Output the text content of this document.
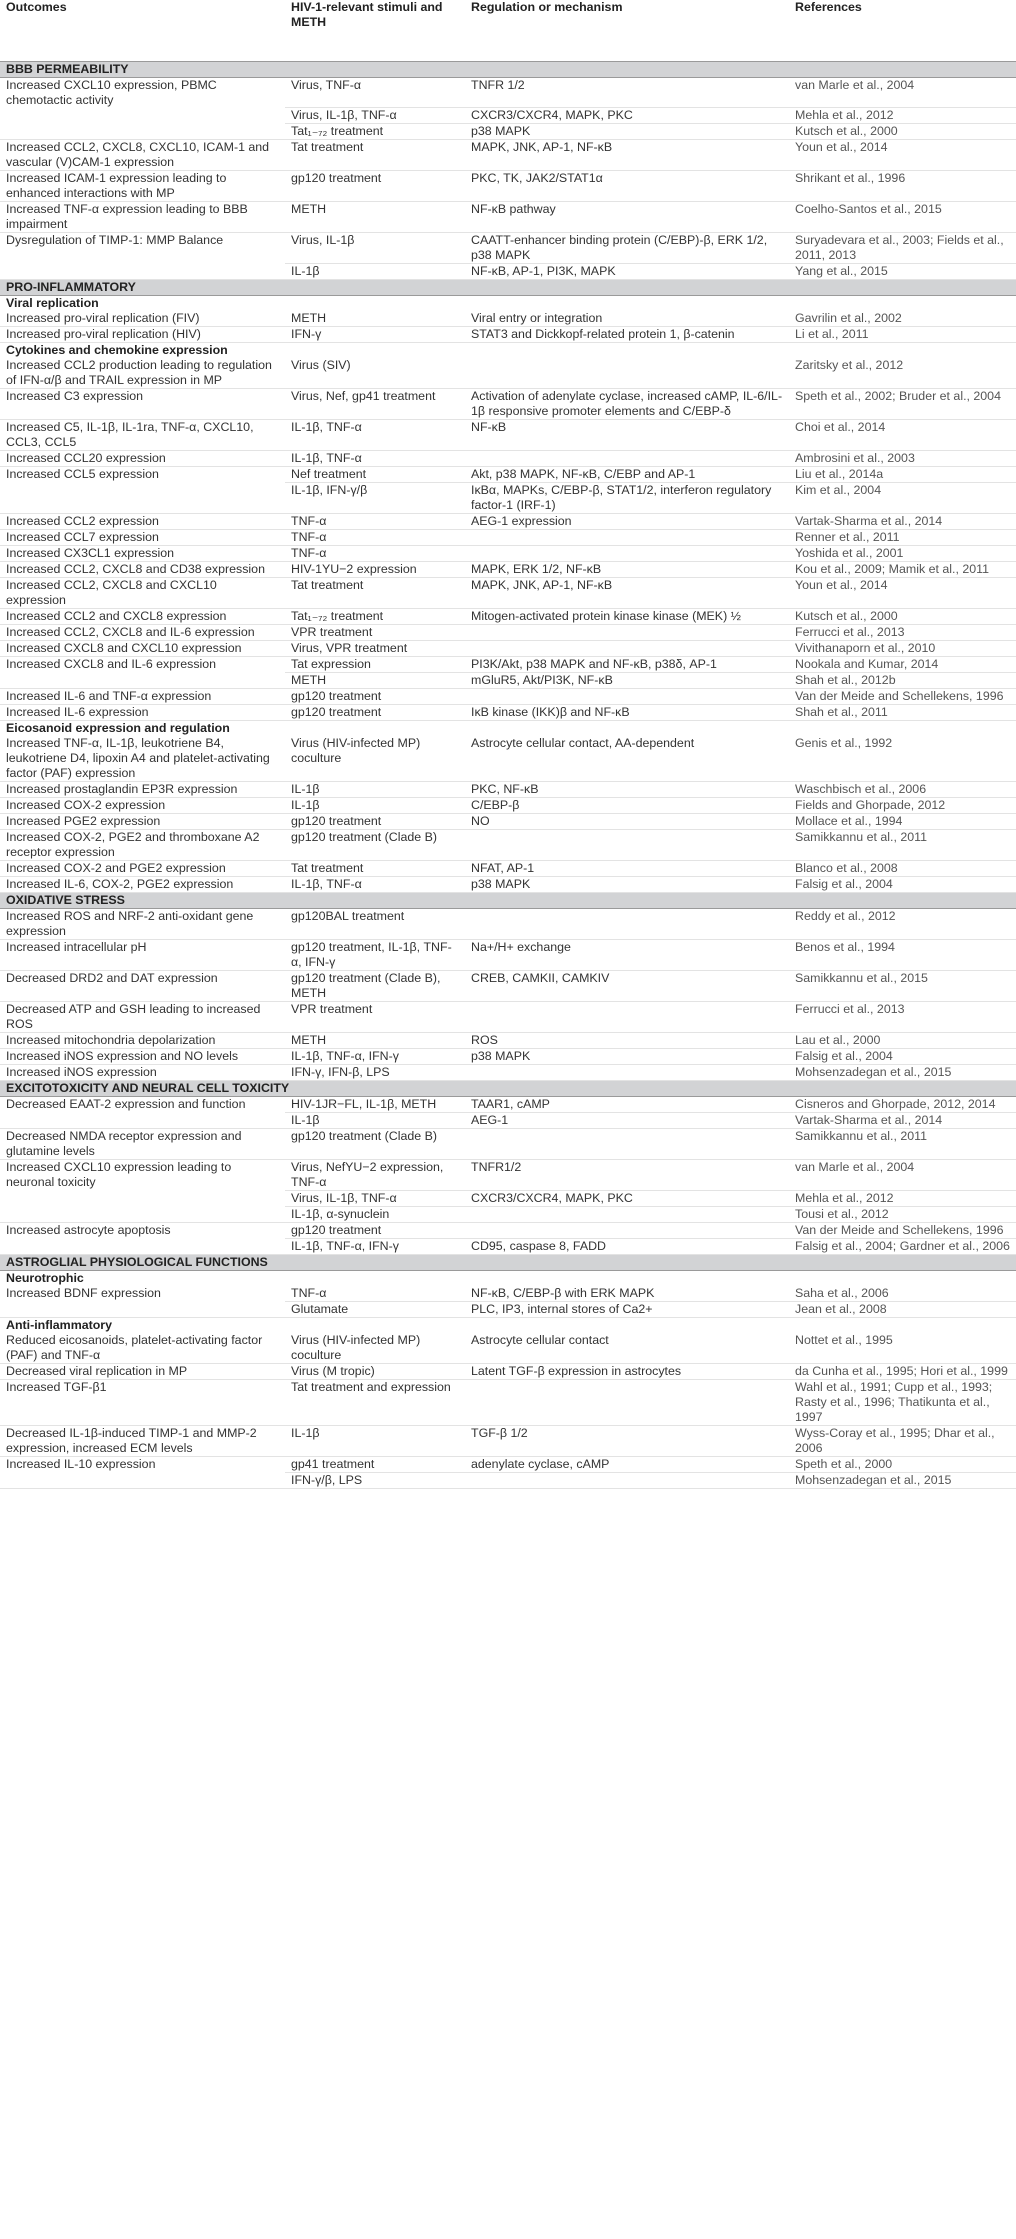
Outcomes	HIV-1-relevant stimuli and METH	Regulation or mechanism	References
BBB PERMEABILITY			
Increased CXCL10 expression, PBMC chemotactic activity	Virus, TNF-α	TNFR 1/2	van Marle et al., 2004
	Virus, IL-1β, TNF-α	CXCR3/CXCR4, MAPK, PKC	Mehla et al., 2012
	Tat₁₋₇₂ treatment	p38 MAPK	Kutsch et al., 2000
Increased CCL2, CXCL8, CXCL10, ICAM-1 and vascular (V)CAM-1 expression	Tat treatment	MAPK, JNK, AP-1, NF-κB	Youn et al., 2014
Increased ICAM-1 expression leading to enhanced interactions with MP	gp120 treatment	PKC, TK, JAK2/STAT1α	Shrikant et al., 1996
Increased TNF-α expression leading to BBB impairment	METH	NF-κB pathway	Coelho-Santos et al., 2015
Dysregulation of TIMP-1: MMP Balance	Virus, IL-1β	CAATT-enhancer binding protein (C/EBP)-β, ERK 1/2, p38 MAPK	Suryadevara et al., 2003; Fields et al., 2011, 2013
	IL-1β	NF-κB, AP-1, PI3K, MAPK	Yang et al., 2015
PRO-INFLAMMATORY			
Viral replication			
Increased pro-viral replication (FIV)	METH	Viral entry or integration	Gavrilin et al., 2002
Increased pro-viral replication (HIV)	IFN-γ	STAT3 and Dickkopf-related protein 1, β-catenin	Li et al., 2011
Cytokines and chemokine expression			
Increased CCL2 production leading to regulation of IFN-α/β and TRAIL expression in MP	Virus (SIV)		Zaritsky et al., 2012
Increased C3 expression	Virus, Nef, gp41 treatment	Activation of adenylate cyclase, increased cAMP, IL-6/IL-1β responsive promoter elements and C/EBP-δ	Speth et al., 2002; Bruder et al., 2004
Increased C5, IL-1β, IL-1ra, TNF-α, CXCL10, CCL3, CCL5	IL-1β, TNF-α	NF-κB	Choi et al., 2014
Increased CCL20 expression	IL-1β, TNF-α		Ambrosini et al., 2003
Increased CCL5 expression	Nef treatment	Akt, p38 MAPK, NF-κB, C/EBP and AP-1	Liu et al., 2014a
	IL-1β, IFN-γ/β	IκBα, MAPKs, C/EBP-β, STAT1/2, interferon regulatory factor-1 (IRF-1)	Kim et al., 2004
Increased CCL2 expression	TNF-α	AEG-1 expression	Vartak-Sharma et al., 2014
Increased CCL7 expression	TNF-α		Renner et al., 2011
Increased CX3CL1 expression	TNF-α		Yoshida et al., 2001
Increased CCL2, CXCL8 and CD38 expression	HIV-1YU−2 expression	MAPK, ERK 1/2, NF-κB	Kou et al., 2009; Mamik et al., 2011
Increased CCL2, CXCL8 and CXCL10 expression	Tat treatment	MAPK, JNK, AP-1, NF-κB	Youn et al., 2014
Increased CCL2 and CXCL8 expression	Tat₁₋₇₂ treatment	Mitogen-activated protein kinase kinase (MEK) ½	Kutsch et al., 2000
Increased CCL2, CXCL8 and IL-6 expression	VPR treatment		Ferrucci et al., 2013
Increased CXCL8 and CXCL10 expression	Virus, VPR treatment		Vivithanaporn et al., 2010
Increased CXCL8 and IL-6 expression	Tat expression	PI3K/Akt, p38 MAPK and NF-κB, p38δ, AP-1	Nookala and Kumar, 2014
	METH	mGluR5, Akt/PI3K, NF-κB	Shah et al., 2012b
Increased IL-6 and TNF-α expression	gp120 treatment		Van der Meide and Schellekens, 1996
Increased IL-6 expression	gp120 treatment	IκB kinase (IKK)β and NF-κB	Shah et al., 2011
Eicosanoid expression and regulation			
Increased TNF-α, IL-1β, leukotriene B4, leukotriene D4, lipoxin A4 and platelet-activating factor (PAF) expression	Virus (HIV-infected MP) coculture	Astrocyte cellular contact, AA-dependent	Genis et al., 1992
Increased prostaglandin EP3R expression	IL-1β	PKC, NF-κB	Waschbisch et al., 2006
Increased COX-2 expression	IL-1β	C/EBP-β	Fields and Ghorpade, 2012
Increased PGE2 expression	gp120 treatment	NO	Mollace et al., 1994
Increased COX-2, PGE2 and thromboxane A2 receptor expression	gp120 treatment (Clade B)		Samikkannu et al., 2011
Increased COX-2 and PGE2 expression	Tat treatment	NFAT, AP-1	Blanco et al., 2008
Increased IL-6, COX-2, PGE2 expression	IL-1β, TNF-α	p38 MAPK	Falsig et al., 2004
OXIDATIVE STRESS			
Increased ROS and NRF-2 anti-oxidant gene expression	gp120BAL treatment		Reddy et al., 2012
Increased intracellular pH	gp120 treatment, IL-1β, TNF-α, IFN-γ	Na+/H+ exchange	Benos et al., 1994
Decreased DRD2 and DAT expression	gp120 treatment (Clade B), METH	CREB, CAMKII, CAMKIV	Samikkannu et al., 2015
Decreased ATP and GSH leading to increased ROS	VPR treatment		Ferrucci et al., 2013
Increased mitochondria depolarization	METH	ROS	Lau et al., 2000
Increased iNOS expression and NO levels	IL-1β, TNF-α, IFN-γ	p38 MAPK	Falsig et al., 2004
Increased iNOS expression	IFN-γ, IFN-β, LPS		Mohsenzadegan et al., 2015
EXCITOTOXICITY AND NEURAL CELL TOXICITY			
Decreased EAAT-2 expression and function	HIV-1JR−FL, IL-1β, METH	TAAR1, cAMP	Cisneros and Ghorpade, 2012, 2014
	IL-1β	AEG-1	Vartak-Sharma et al., 2014
Decreased NMDA receptor expression and glutamine levels	gp120 treatment (Clade B)		Samikkannu et al., 2011
Increased CXCL10 expression leading to neuronal toxicity	Virus, NefYU−2 expression, TNF-α	TNFR1/2	van Marle et al., 2004
	Virus, IL-1β, TNF-α	CXCR3/CXCR4, MAPK, PKC	Mehla et al., 2012
	IL-1β, α-synuclein		Tousi et al., 2012
Increased astrocyte apoptosis	gp120 treatment		Van der Meide and Schellekens, 1996
	IL-1β, TNF-α, IFN-γ	CD95, caspase 8, FADD	Falsig et al., 2004; Gardner et al., 2006
ASTROGLIAL PHYSIOLOGICAL FUNCTIONS			
Neurotrophic			
Increased BDNF expression	TNF-α	NF-κB, C/EBP-β with ERK MAPK	Saha et al., 2006
	Glutamate	PLC, IP3, internal stores of Ca2+	Jean et al., 2008
Anti-inflammatory			
Reduced eicosanoids, platelet-activating factor (PAF) and TNF-α	Virus (HIV-infected MP) coculture	Astrocyte cellular contact	Nottet et al., 1995
Decreased viral replication in MP	Virus (M tropic)	Latent TGF-β expression in astrocytes	da Cunha et al., 1995; Hori et al., 1999
Increased TGF-β1	Tat treatment and expression		Wahl et al., 1991; Cupp et al., 1993; Rasty et al., 1996; Thatikunta et al., 1997
Decreased IL-1β-induced TIMP-1 and MMP-2 expression, increased ECM levels	IL-1β	TGF-β 1/2	Wyss-Coray et al., 1995; Dhar et al., 2006
Increased IL-10 expression	gp41 treatment	adenylate cyclase, cAMP	Speth et al., 2000
	IFN-γ/β, LPS		Mohsenzadegan et al., 2015
